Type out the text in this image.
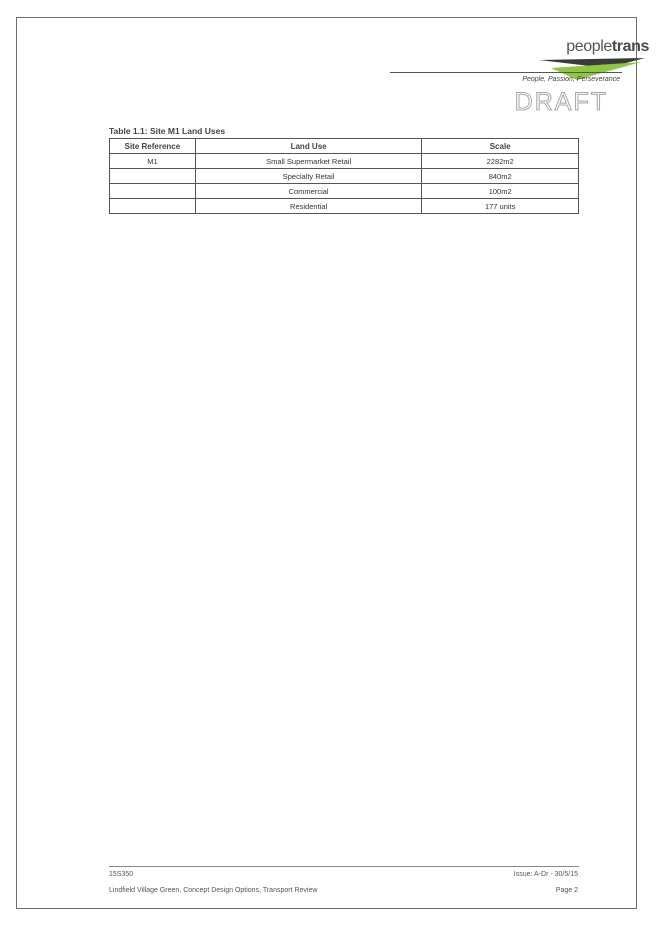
peopletrans
People, Passion, Perseverance
DRAFT
Table 1.1: Site M1 Land Uses
Site Reference	Land Use	Scale
M1	Small Supermarket Retail	2282m2
	Specialty Retail	840m2
	Commercial	100m2
	Residential	177 units
15S350
Lindfield Village Green, Concept Design Options, Transport Review
Issue: A-Dr - 30/5/15
Page 2
